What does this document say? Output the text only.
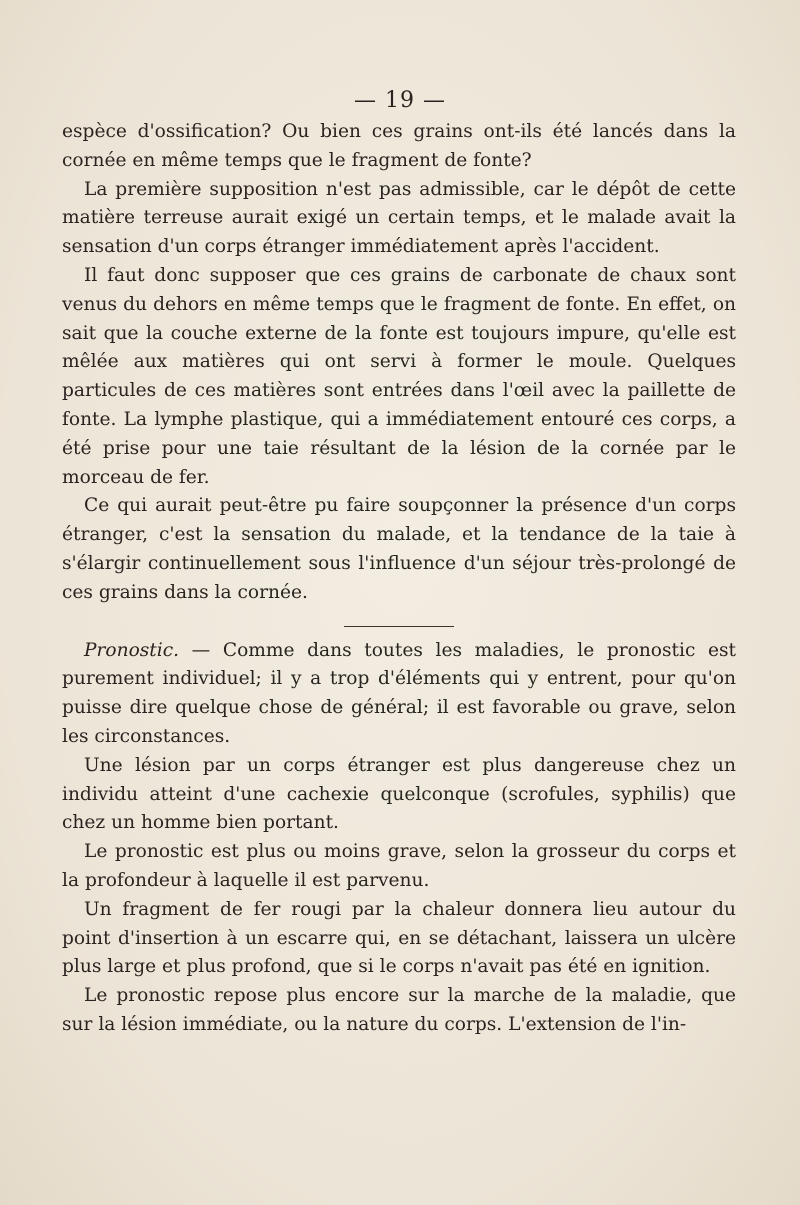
— 19 —

espèce d'ossification? Ou bien ces grains ont-ils été lancés dans la cornée en même temps que le fragment de fonte?

La première supposition n'est pas admissible, car le dépôt de cette matière terreuse aurait exigé un certain temps, et le malade avait la sensation d'un corps étranger immédiatement après l'accident.

Il faut donc supposer que ces grains de carbonate de chaux sont venus du dehors en même temps que le fragment de fonte. En effet, on sait que la couche externe de la fonte est toujours impure, qu'elle est mêlée aux matières qui ont servi à former le moule. Quelques particules de ces matières sont entrées dans l'œil avec la paillette de fonte. La lymphe plastique, qui a immédiatement entouré ces corps, a été prise pour une taie résultant de la lésion de la cornée par le morceau de fer.

Ce qui aurait peut-être pu faire soupçonner la présence d'un corps étranger, c'est la sensation du malade, et la tendance de la taie à s'élargir continuellement sous l'influence d'un séjour très-prolongé de ces grains dans la cornée.

Pronostic. — Comme dans toutes les maladies, le pronostic est purement individuel; il y a trop d'éléments qui y entrent, pour qu'on puisse dire quelque chose de général; il est favorable ou grave, selon les circonstances.

Une lésion par un corps étranger est plus dangereuse chez un individu atteint d'une cachexie quelconque (scrofules, syphilis) que chez un homme bien portant.

Le pronostic est plus ou moins grave, selon la grosseur du corps et la profondeur à laquelle il est parvenu.

Un fragment de fer rougi par la chaleur donnera lieu autour du point d'insertion à un escarre qui, en se détachant, laissera un ulcère plus large et plus profond, que si le corps n'avait pas été en ignition.

Le pronostic repose plus encore sur la marche de la maladie, que sur la lésion immédiate, ou la nature du corps. L'extension de l'in-
